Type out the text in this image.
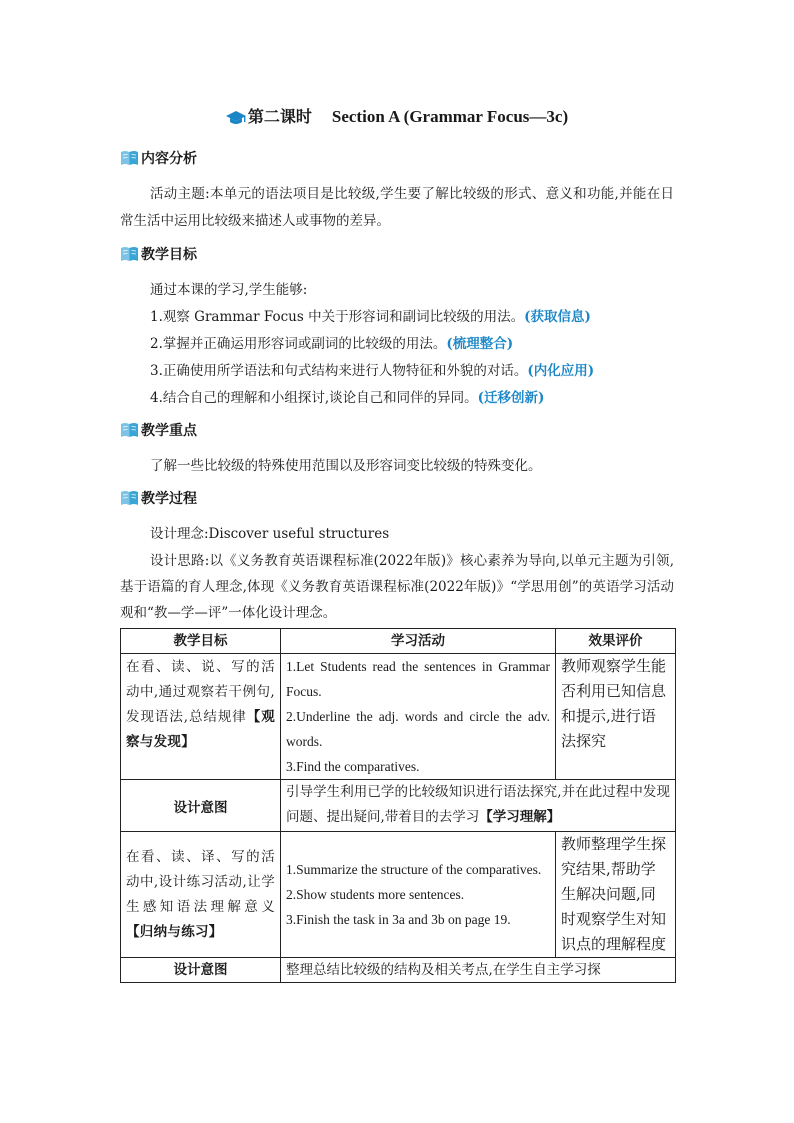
第二课时 Section A (Grammar Focus—3c)
内容分析
活动主题:本单元的语法项目是比较级,学生要了解比较级的形式、意义和功能,并能在日常生活中运用比较级来描述人或事物的差异。
教学目标
通过本课的学习,学生能够:
1.观察 Grammar Focus 中关于形容词和副词比较级的用法。(获取信息)
2.掌握并正确运用形容词或副词的比较级的用法。(梳理整合)
3.正确使用所学语法和句式结构来进行人物特征和外貌的对话。(内化应用)
4.结合自己的理解和小组探讨,谈论自己和同伴的异同。(迁移创新)
教学重点
了解一些比较级的特殊使用范围以及形容词变比较级的特殊变化。
教学过程
设计理念:Discover useful structures
设计思路:以《义务教育英语课程标准(2022年版)》核心素养为导向,以单元主题为引领,基于语篇的育人理念,体现《义务教育英语课程标准(2022年版)》“学思用创”的英语学习活动观和“教—学—评”一体化设计理念。
教学目标	学习活动	效果评价
在看、读、说、写的活动中,通过观察若干例句,发现语法,总结规律【观察与发现】	1.Let Students read the sentences in Grammar Focus.
2.Underline the adj. words and circle the adv. words.
3.Find the comparatives.	教师观察学生能否利用已知信息和提示,进行语法探究
设计意图	引导学生利用已学的比较级知识进行语法探究,并在此过程中发现问题、提出疑问,带着目的去学习【学习理解】	
在看、读、译、写的活动中,设计练习活动,让学生感知语法理解意义【归纳与练习】	1.Summarize the structure of the comparatives.
2.Show students more sentences.
3.Finish the task in 3a and 3b on page 19.	教师整理学生探究结果,帮助学生解决问题,同时观察学生对知识点的理解程度
设计意图	整理总结比较级的结构及相关考点,在学生自主学习探	
